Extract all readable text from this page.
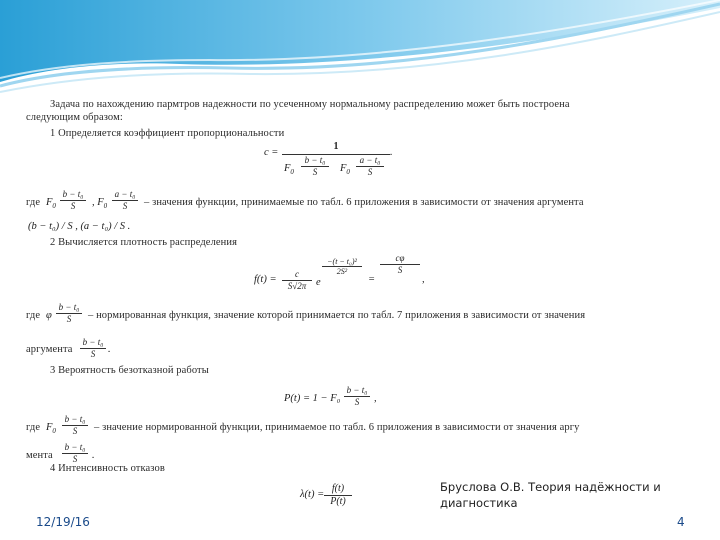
Задача по нахождению пармтров надежности по усеченному нормальному распределению может быть построена
следующим образом:
1 Определяется коэффициент пропорциональности
c =
1
$F_0 \frac{\text{b − t₀}}{S} F_0 \frac{\text{a − t₀}}{S}$
.
где $F_0 \frac{\text{b − t₀}}{S}$ , $F_0 \frac{\text{a − t₀}}{S}$ – значения функции, принимаемые по табл. 6 приложения в зависимости от значения аргумента
(b − t₀) / S , (a − t₀) / S .
2 Вычисляется плотность распределения
$f(t) = \frac{c}{S√2\pi}$ e
$\frac{\text{−(t − t₀)²}}{\text{2S²}}$
=
$\frac{c\varphi}{S}$
,
где φ $\frac{\text{b − t₀}}{S}$ – нормированная функция, значение которой принимается по табл. 7 приложения в зависимости от значения
аргумента $\frac{\text{b − t₀}}{S}$ .
3 Вероятность безотказной работы
$P(t) = 1 - F_0 \frac{\text{b − t₀}}{S}$ ,
где $F_0 \frac{\text{b − t₀}}{S}$ – значение нормированной функции, принимаемое по табл. 6 приложения в зависимости от значения аргу
мента $\frac{\text{b − t₀}}{S}$ .
4 Интенсивность отказов
$\lambda(t) = \frac{f(t)}{P(t)}$	Бруслова О.В. Теория надёжности и диагностика
12/19/16	4
